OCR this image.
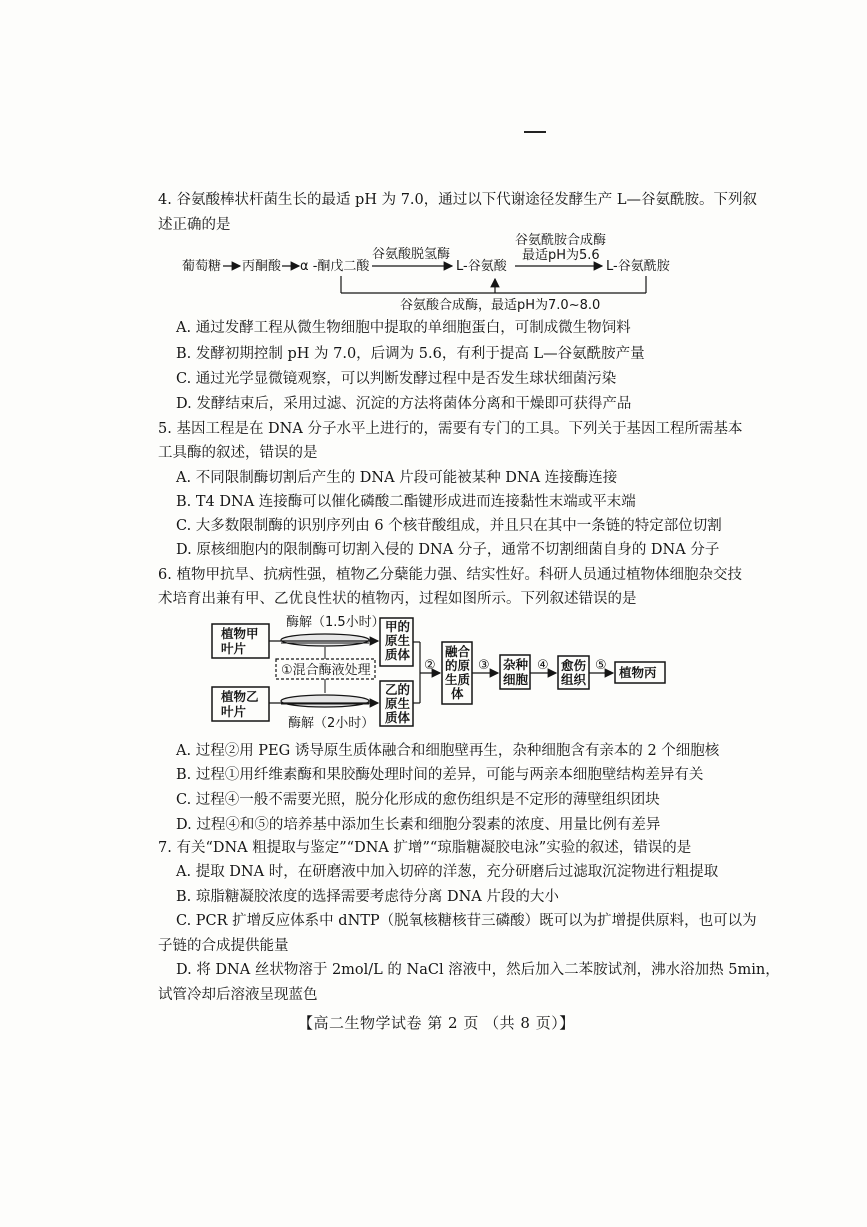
4. 谷氨酸棒状杆菌生长的最适 pH 为 7.0，通过以下代谢途径发酵生产 L—谷氨酰胺。下列叙
述正确的是
葡萄糖 丙酮酸 α -酮戊二酸
谷氨酸脱氢酶
L-谷氨酸
谷氨酰胺合成酶
最适pH为5.6
L-谷氨酰胺
谷氨酸合成酶，最适pH为7.0~8.0
植物甲
叶片
植物乙
叶片
酶解（1.5小时）
①混合酶液处理
酶解（2小时）
甲的
原生
质体
乙的
原生
质体
②
融合
的原
生质
体
③ 杂种
细胞
④ 愈伤
组织
⑤ 植物丙
A. 通过发酵工程从微生物细胞中提取的单细胞蛋白，可制成微生物饲料
B. 发酵初期控制 pH 为 7.0，后调为 5.6，有利于提高 L—谷氨酰胺产量
C. 通过光学显微镜观察，可以判断发酵过程中是否发生球状细菌污染
D. 发酵结束后，采用过滤、沉淀的方法将菌体分离和干燥即可获得产品
5. 基因工程是在 DNA 分子水平上进行的，需要有专门的工具。下列关于基因工程所需基本
工具酶的叙述，错误的是
A. 不同限制酶切割后产生的 DNA 片段可能被某种 DNA 连接酶连接
B. T4 DNA 连接酶可以催化磷酸二酯键形成进而连接黏性末端或平末端
C. 大多数限制酶的识别序列由 6 个核苷酸组成，并且只在其中一条链的特定部位切割
D. 原核细胞内的限制酶可切割入侵的 DNA 分子，通常不切割细菌自身的 DNA 分子
6. 植物甲抗旱、抗病性强，植物乙分蘖能力强、结实性好。科研人员通过植物体细胞杂交技
术培育出兼有甲、乙优良性状的植物丙，过程如图所示。下列叙述错误的是
A. 过程②用 PEG 诱导原生质体融合和细胞壁再生，杂种细胞含有亲本的 2 个细胞核
B. 过程①用纤维素酶和果胶酶处理时间的差异，可能与两亲本细胞壁结构差异有关
C. 过程④一般不需要光照，脱分化形成的愈伤组织是不定形的薄壁组织团块
D. 过程④和⑤的培养基中添加生长素和细胞分裂素的浓度、用量比例有差异
7. 有关“DNA 粗提取与鉴定”“DNA 扩增”“琼脂糖凝胶电泳”实验的叙述，错误的是
A. 提取 DNA 时，在研磨液中加入切碎的洋葱，充分研磨后过滤取沉淀物进行粗提取
B. 琼脂糖凝胶浓度的选择需要考虑待分离 DNA 片段的大小
C. PCR 扩增反应体系中 dNTP（脱氧核糖核苷三磷酸）既可以为扩增提供原料，也可以为
子链的合成提供能量
D. 将 DNA 丝状物溶于 2mol/L 的 NaCl 溶液中，然后加入二苯胺试剂，沸水浴加热 5min，
试管冷却后溶液呈现蓝色
【高二生物学试卷 第 2 页 （共 8 页）】
